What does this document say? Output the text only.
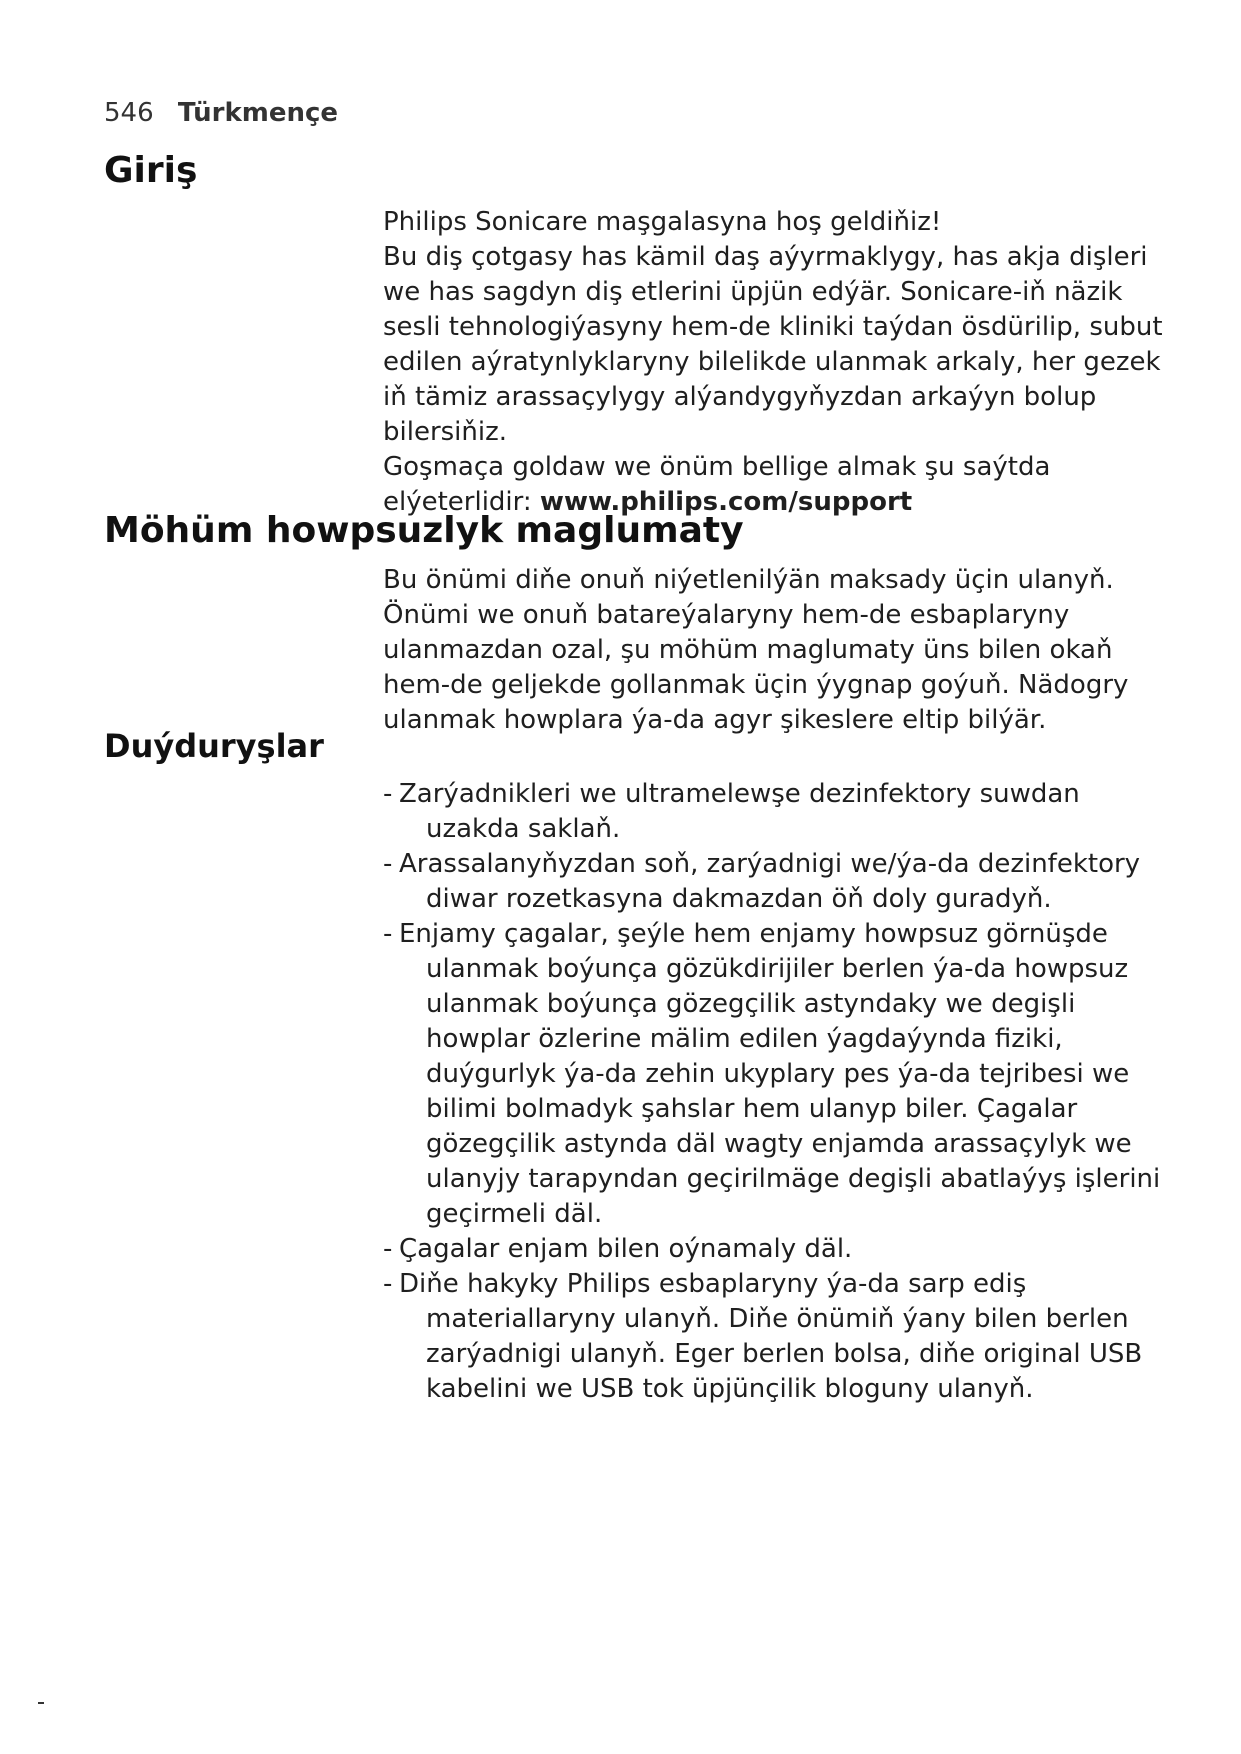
546 Türkmençe
Giriş

Philips Sonicare maşgalasyna hoş geldiňiz!

Bu diş çotgasy has kämil daş aýyrmaklygy, has akja dişleri we has sagdyn diş etlerini üpjün edýär. Sonicare-iň näzik sesli tehnologiýasyny hem-de kliniki taýdan ösdürilip, subut edilen aýratynlyklaryny bilelikde ulanmak arkaly, her gezek iň tämiz arassaçylygy alýandygyňyzdan arkaýyn bolup bilersiňiz.

Goşmaça goldaw we önüm bellige almak şu saýtda elýeterlidir: www.philips.com/support

Möhüm howpsuzlyk maglumaty

Bu önümi diňe onuň niýetlenilýän maksady üçin ulanyň. Önümi we onuň batareýalaryny hem-de esbaplaryny ulanmazdan ozal, şu möhüm maglumaty üns bilen okaň hem-de geljekde gollanmak üçin ýygnap goýuň. Nädogry ulanmak howplara ýa-da agyr şikeslere eltip bilýär.

Duýduryşlar
- Zarýadnikleri we ultramelewşe dezinfektory suwdan uzakda saklaň.
- Arassalanyňyzdan soň, zarýadnigi we/ýa-da dezinfektory diwar rozetkasyna dakmazdan öň doly guradyň.
- Enjamy çagalar, şeýle hem enjamy howpsuz görnüşde ulanmak boýunça gözükdirijiler berlen ýa-da howpsuz ulanmak boýunça gözegçilik astyndaky we degişli howplar özlerine mälim edilen ýagdaýynda fiziki, duýgurlyk ýa-da zehin ukyplary pes ýa-da tejribesi we bilimi bolmadyk şahslar hem ulanyp biler. Çagalar gözegçilik astynda däl wagty enjamda arassaçylyk we ulanyjy tarapyndan geçirilmäge degişli abatlaýyş işlerini geçirmeli däl.
- Çagalar enjam bilen oýnamaly däl.
- Diňe hakyky Philips esbaplaryny ýa-da sarp ediş materiallaryny ulanyň. Diňe önümiň ýany bilen berlen zarýadnigi ulanyň. Eger berlen bolsa, diňe original USB kabelini we USB tok üpjünçilik bloguny ulanyň.
